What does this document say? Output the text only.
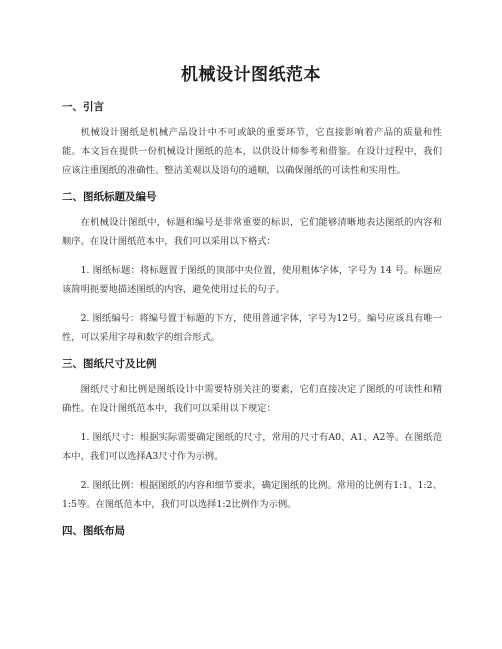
机械设计图纸范本
一、引言

机械设计图纸是机械产品设计中不可或缺的重要环节，它直接影响着产品的质量和性能。本文旨在提供一份机械设计图纸的范本，以供设计师参考和借鉴。在设计过程中，我们应该注重图纸的准确性、整洁美观以及语句的通顺，以确保图纸的可读性和实用性。

二、图纸标题及编号

在机械设计图纸中，标题和编号是非常重要的标识，它们能够清晰地表达图纸的内容和顺序。在设计图纸范本中，我们可以采用以下格式：

1. 图纸标题：将标题置于图纸的顶部中央位置，使用粗体字体，字号为 14 号。标题应该简明扼要地描述图纸的内容，避免使用过长的句子。

2. 图纸编号：将编号置于标题的下方，使用普通字体，字号为12号。编号应该具有唯一性，可以采用字母和数字的组合形式。

三、图纸尺寸及比例

图纸尺寸和比例是图纸设计中需要特别关注的要素，它们直接决定了图纸的可读性和精确性。在设计图纸范本中，我们可以采用以下规定：

1. 图纸尺寸：根据实际需要确定图纸的尺寸，常用的尺寸有A0、A1、A2等。在图纸范本中，我们可以选择A3尺寸作为示例。

2. 图纸比例：根据图纸的内容和细节要求，确定图纸的比例。常用的比例有1:1、1:2、1:5等。在图纸范本中，我们可以选择1:2比例作为示例。

四、图纸布局
